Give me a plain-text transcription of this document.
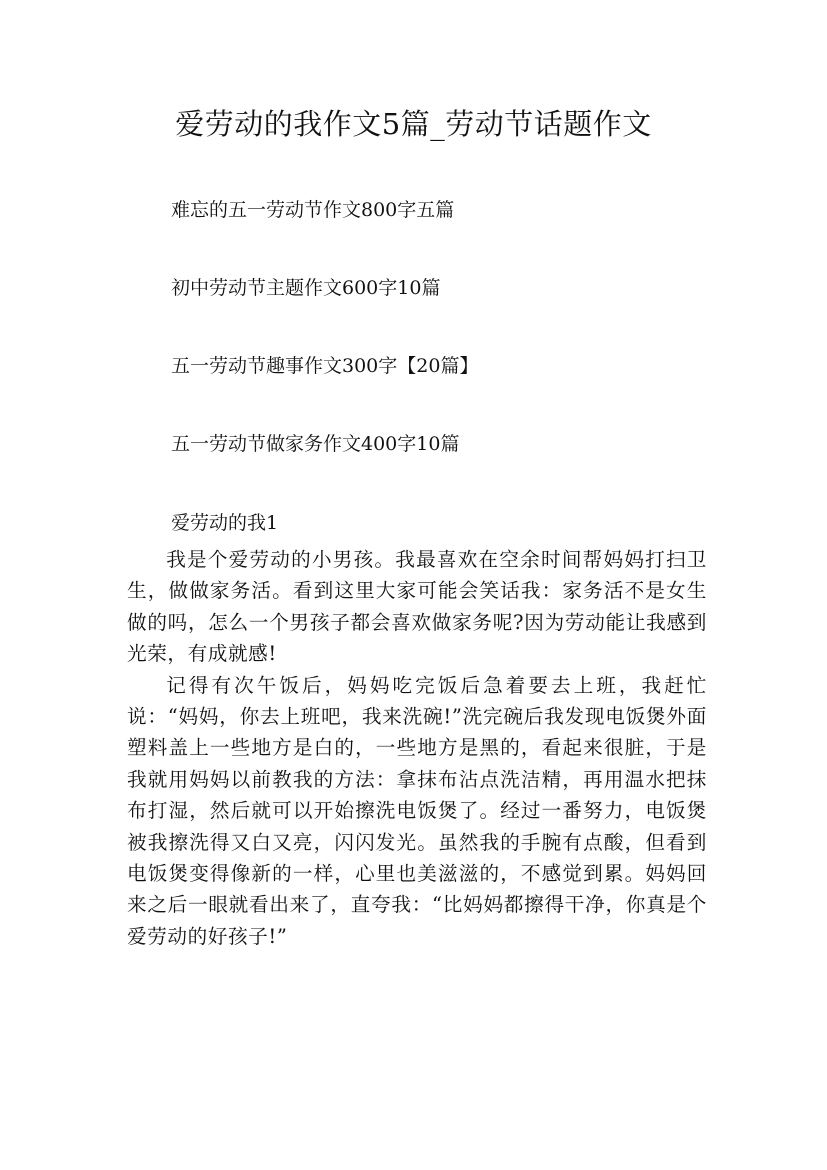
爱劳动的我作文5篇_劳动节话题作文
难忘的五一劳动节作文800字五篇
初中劳动节主题作文600字10篇
五一劳动节趣事作文300字【20篇】
五一劳动节做家务作文400字10篇
爱劳动的我1

我是个爱劳动的小男孩。我最喜欢在空余时间帮妈妈打扫卫生，做做家务活。看到这里大家可能会笑话我：家务活不是女生做的吗，怎么一个男孩子都会喜欢做家务呢?因为劳动能让我感到光荣，有成就感!

记得有次午饭后，妈妈吃完饭后急着要去上班，我赶忙说：“妈妈，你去上班吧，我来洗碗!”洗完碗后我发现电饭煲外面塑料盖上一些地方是白的，一些地方是黑的，看起来很脏，于是我就用妈妈以前教我的方法：拿抹布沾点洗洁精，再用温水把抹布打湿，然后就可以开始擦洗电饭煲了。经过一番努力，电饭煲被我擦洗得又白又亮，闪闪发光。虽然我的手腕有点酸，但看到电饭煲变得像新的一样，心里也美滋滋的，不感觉到累。妈妈回来之后一眼就看出来了，直夸我：“比妈妈都擦得干净，你真是个爱劳动的好孩子!”
